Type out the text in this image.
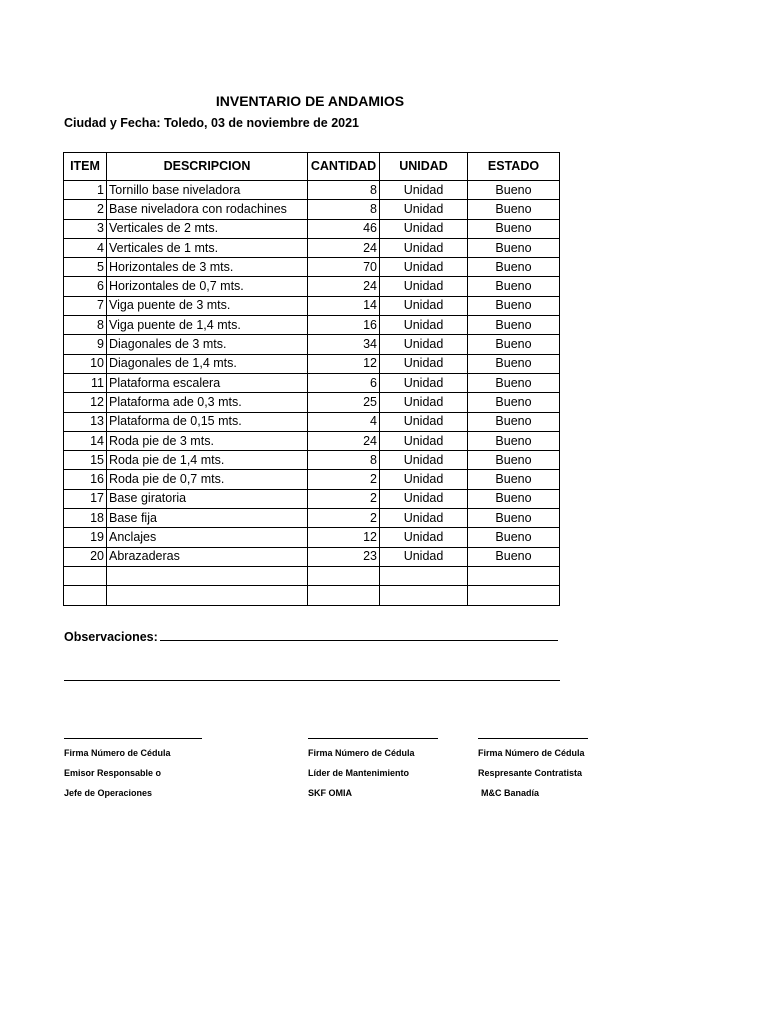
INVENTARIO DE ANDAMIOS
Ciudad y Fecha: Toledo, 03 de noviembre de 2021
ITEM	DESCRIPCION	CANTIDAD	UNIDAD	ESTADO
1	Tornillo base niveladora	8	Unidad	Bueno
2	Base niveladora con rodachines	8	Unidad	Bueno
3	Verticales de 2 mts.	46	Unidad	Bueno
4	Verticales de 1 mts.	24	Unidad	Bueno
5	Horizontales de 3 mts.	70	Unidad	Bueno
6	Horizontales de 0,7 mts.	24	Unidad	Bueno
7	Viga puente de 3 mts.	14	Unidad	Bueno
8	Viga puente de 1,4 mts.	16	Unidad	Bueno
9	Diagonales de 3 mts.	34	Unidad	Bueno
10	Diagonales de 1,4 mts.	12	Unidad	Bueno
11	Plataforma escalera	6	Unidad	Bueno
12	Plataforma ade 0,3 mts.	25	Unidad	Bueno
13	Plataforma de 0,15 mts.	4	Unidad	Bueno
14	Roda pie de 3 mts.	24	Unidad	Bueno
15	Roda pie de 1,4 mts.	8	Unidad	Bueno
16	Roda pie de 0,7 mts.	2	Unidad	Bueno
17	Base giratoria	2	Unidad	Bueno
18	Base fija	2	Unidad	Bueno
19	Anclajes	12	Unidad	Bueno
20	Abrazaderas	23	Unidad	Bueno

Observaciones:
Firma Número de Cédula
Emisor Responsable o
Jefe de Operaciones
Firma Número de Cédula
Líder de Mantenimiento
SKF OMIA
Firma Número de Cédula
Respresante Contratista
M&C Banadía
